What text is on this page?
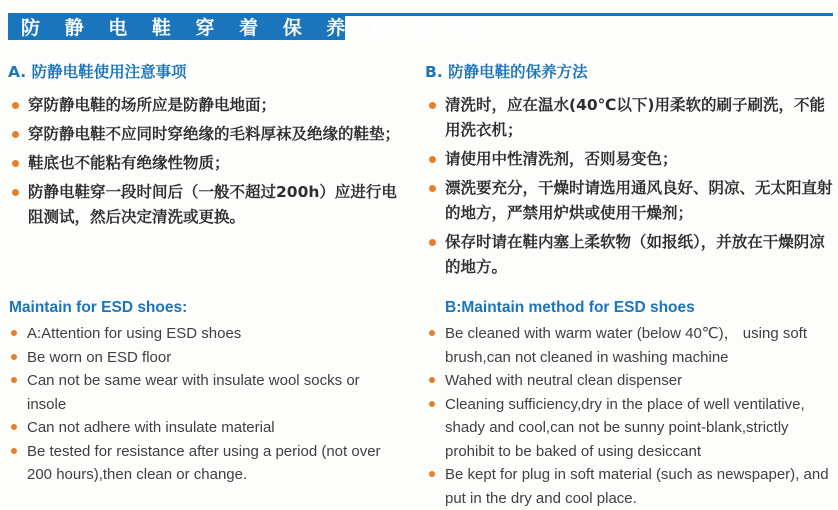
防 静 电 鞋 穿 着 保 养 和 管 理
A. 防静电鞋使用注意事项
穿防静电鞋的场所应是防静电地面；
穿防静电鞋不应同时穿绝缘的毛料厚袜及绝缘的鞋垫；
鞋底也不能粘有绝缘性物质；
防静电鞋穿一段时间后（一般不超过200h）应进行电阻测试，然后决定清洗或更换。
B. 防静电鞋的保养方法
清洗时，应在温水(40℃以下)用柔软的刷子刷洗，不能用洗衣机；
请使用中性清洗剂，否则易变色；
漂洗要充分，干燥时请选用通风良好、阴凉、无太阳直射的地方，严禁用炉烘或使用干燥剂；
保存时请在鞋内塞上柔软物（如报纸），并放在干燥阴凉的地方。
Maintain for ESD shoes:
A:Attention for using ESD shoes
Be worn on ESD floor
Can not be same wear with insulate wool socks or insole
Can not adhere with insulate material
Be tested for resistance after using a period (not over 200 hours),then clean or change.
B:Maintain method for ESD shoes
Be cleaned with warm water (below 40℃)， using soft brush,can not cleaned in washing machine
Wahed with neutral clean dispenser
Cleaning sufficiency,dry in the place of well ventilative, shady and cool,can not be sunny point-blank,strictly prohibit to be baked of using desiccant
Be kept for plug in soft material (such as newspaper), and put in the dry and cool place.
